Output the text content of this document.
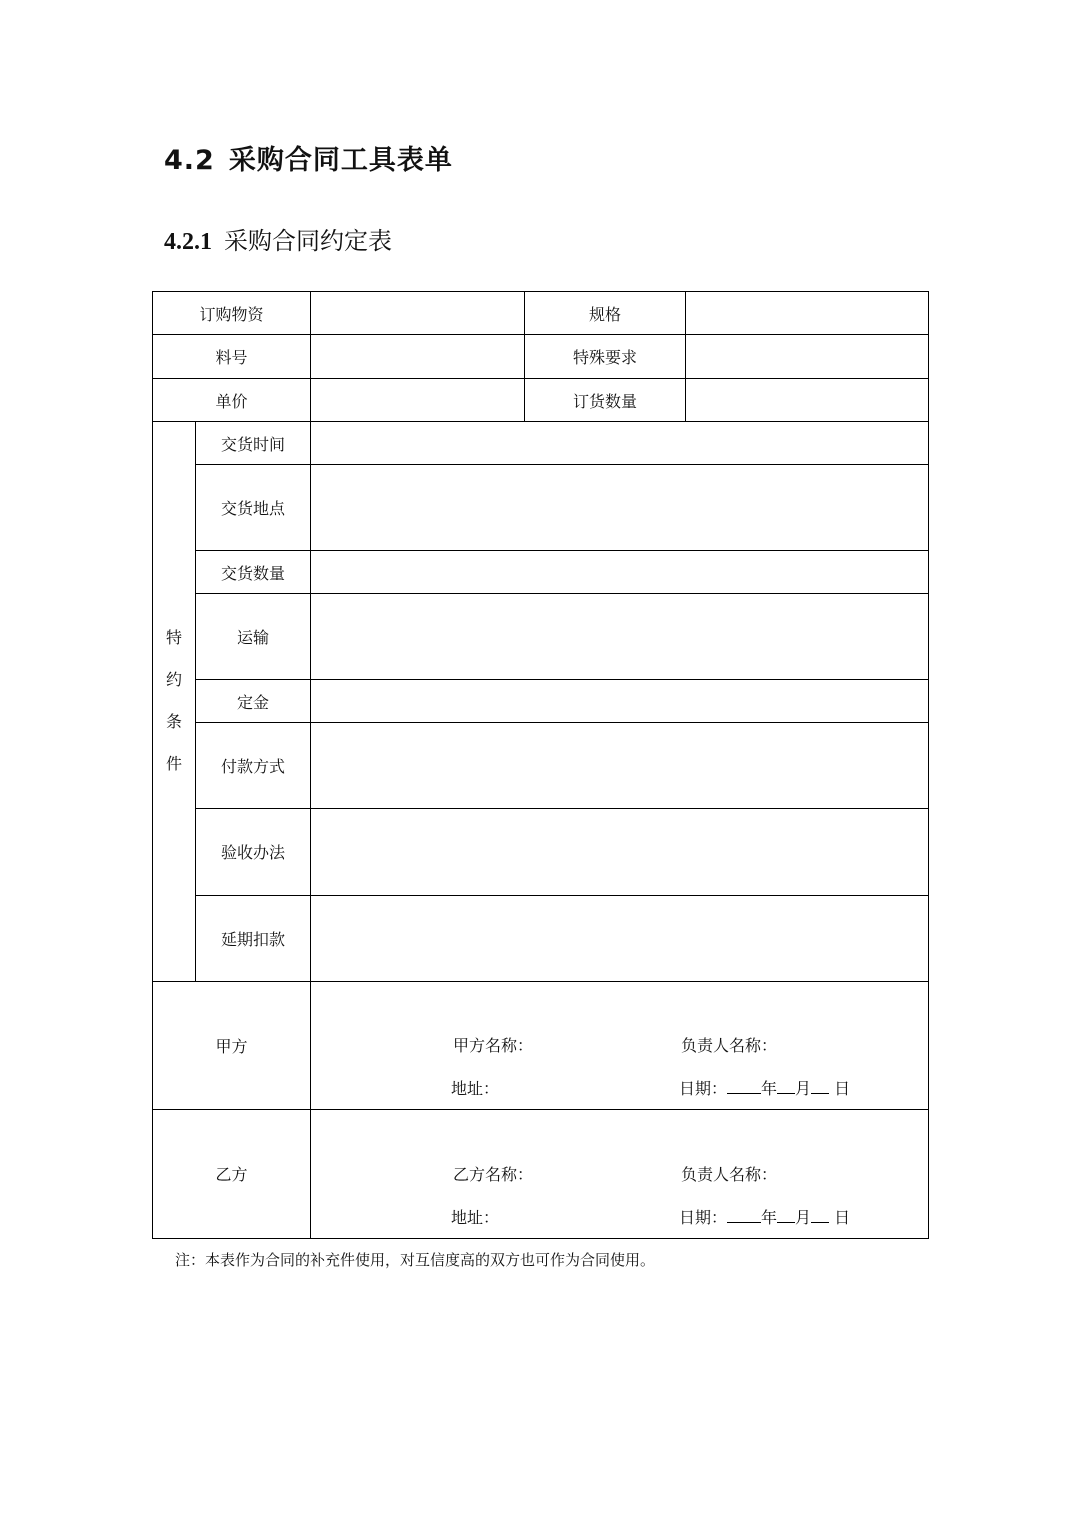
4.2 采购合同工具表单
4.2.1 采购合同约定表
订购物资			规格	
料号			特殊要求	
单价			订货数量	

特
约
条
件	交货时间			
	交货地点			
	交货数量			
	运输			
	定金			
	付款方式			
	验收办法			
	延期扣款			
甲方		甲方名称： 负责人名称：
地址： 日期： 年 月 日		

乙方		乙方名称： 负责人名称：
地址： 日期： 年 月 日		
注：本表作为合同的补充件使用，对互信度高的双方也可作为合同使用。
